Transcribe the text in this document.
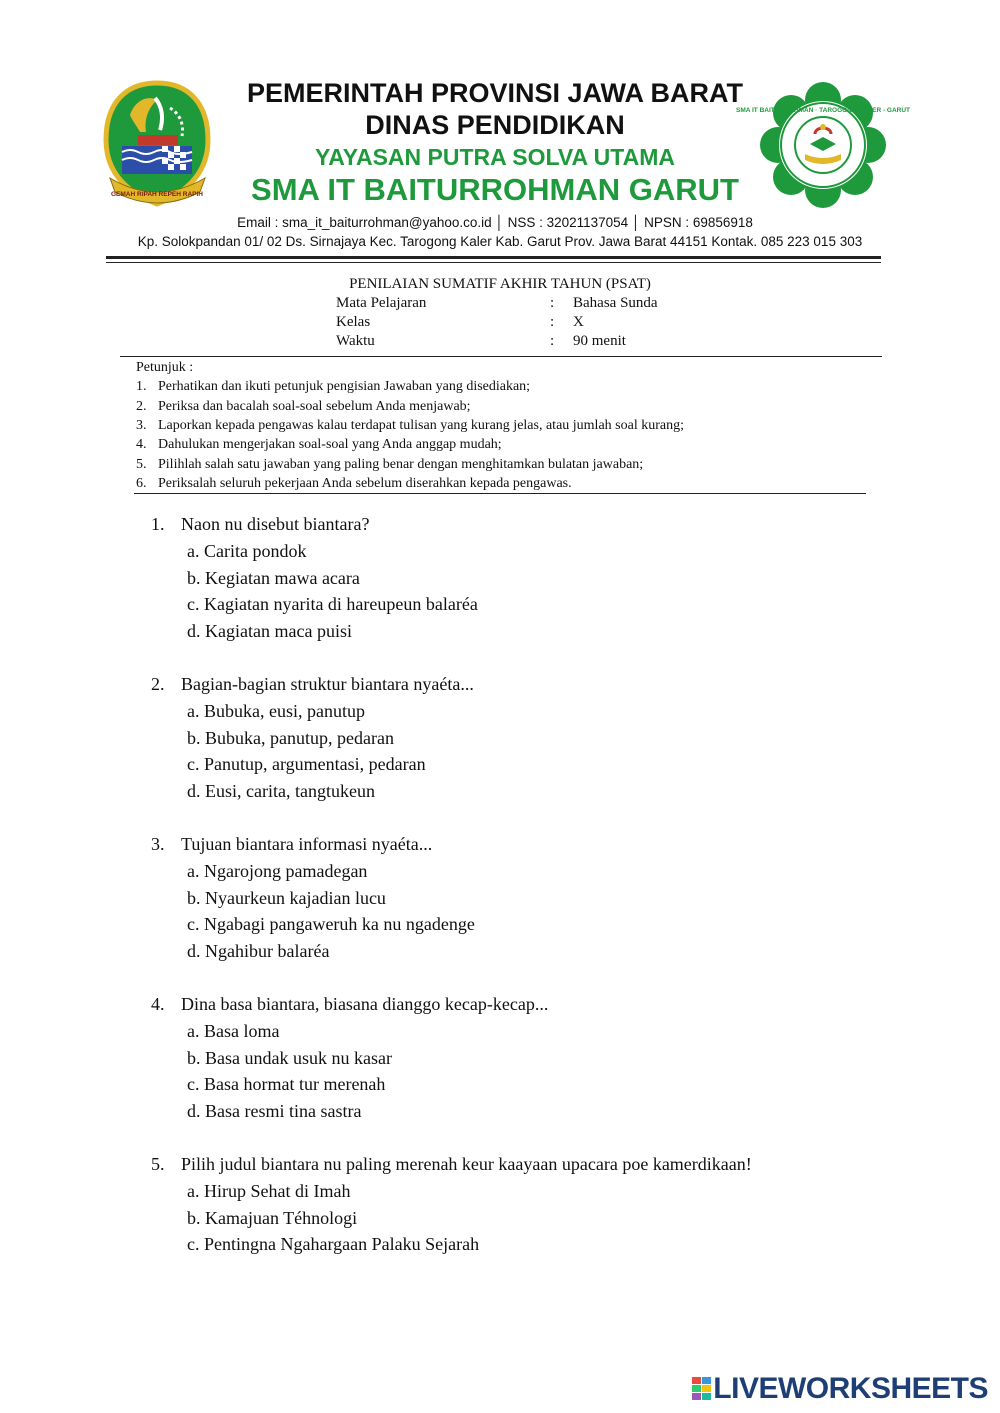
GEMAH RIPAH REPEH RAPIH
SMA IT BAITURROHMAN · TAROGONG KALER - GARUT
PEMERINTAH PROVINSI JAWA BARAT
DINAS PENDIDIKAN
YAYASAN PUTRA SOLVA UTAMA
SMA IT BAITURROHMAN GARUT
Email : sma_it_baiturrohman@yahoo.co.id │ NSS : 32021137054 │ NPSN : 69856918
Kp. Solokpandan 01/ 02 Ds. Sirnajaya Kec. Tarogong Kaler Kab. Garut Prov. Jawa Barat 44151 Kontak. 085 223 015 303
PENILAIAN SUMATIF AKHIR TAHUN (PSAT)
Mata Pelajaran	: Bahasa Sunda
Kelas	: X
Waktu	: 90 menit
Petunjuk :
1. Perhatikan dan ikuti petunjuk pengisian Jawaban yang disediakan;
2. Periksa dan bacalah soal-soal sebelum Anda menjawab;
3. Laporkan kepada pengawas kalau terdapat tulisan yang kurang jelas, atau jumlah soal kurang;
4. Dahulukan mengerjakan soal-soal yang Anda anggap mudah;
5. Pilihlah salah satu jawaban yang paling benar dengan menghitamkan bulatan jawaban;
6. Periksalah seluruh pekerjaan Anda sebelum diserahkan kepada pengawas.
1. Naon nu disebut biantara?
a. Carita pondok
b. Kegiatan mawa acara
c. Kagiatan nyarita di hareupeun balaréa
d. Kagiatan maca puisi
2. Bagian-bagian struktur biantara nyaéta...
a. Bubuka, eusi, panutup
b. Bubuka, panutup, pedaran
c. Panutup, argumentasi, pedaran
d. Eusi, carita, tangtukeun
3. Tujuan biantara informasi nyaéta...
a. Ngarojong pamadegan
b. Nyaurkeun kajadian lucu
c. Ngabagi pangaweruh ka nu ngadenge
d. Ngahibur balaréa
4. Dina basa biantara, biasana dianggo kecap-kecap...
a. Basa loma
b. Basa undak usuk nu kasar
c. Basa hormat tur merenah
d. Basa resmi tina sastra
5. Pilih judul biantara nu paling merenah keur kaayaan upacara poe kamerdikaan!
a. Hirup Sehat di Imah
b. Kamajuan Téhnologi
c. Pentingna Ngahargaan Palaku Sejarah
LIVEWORKSHEETS
